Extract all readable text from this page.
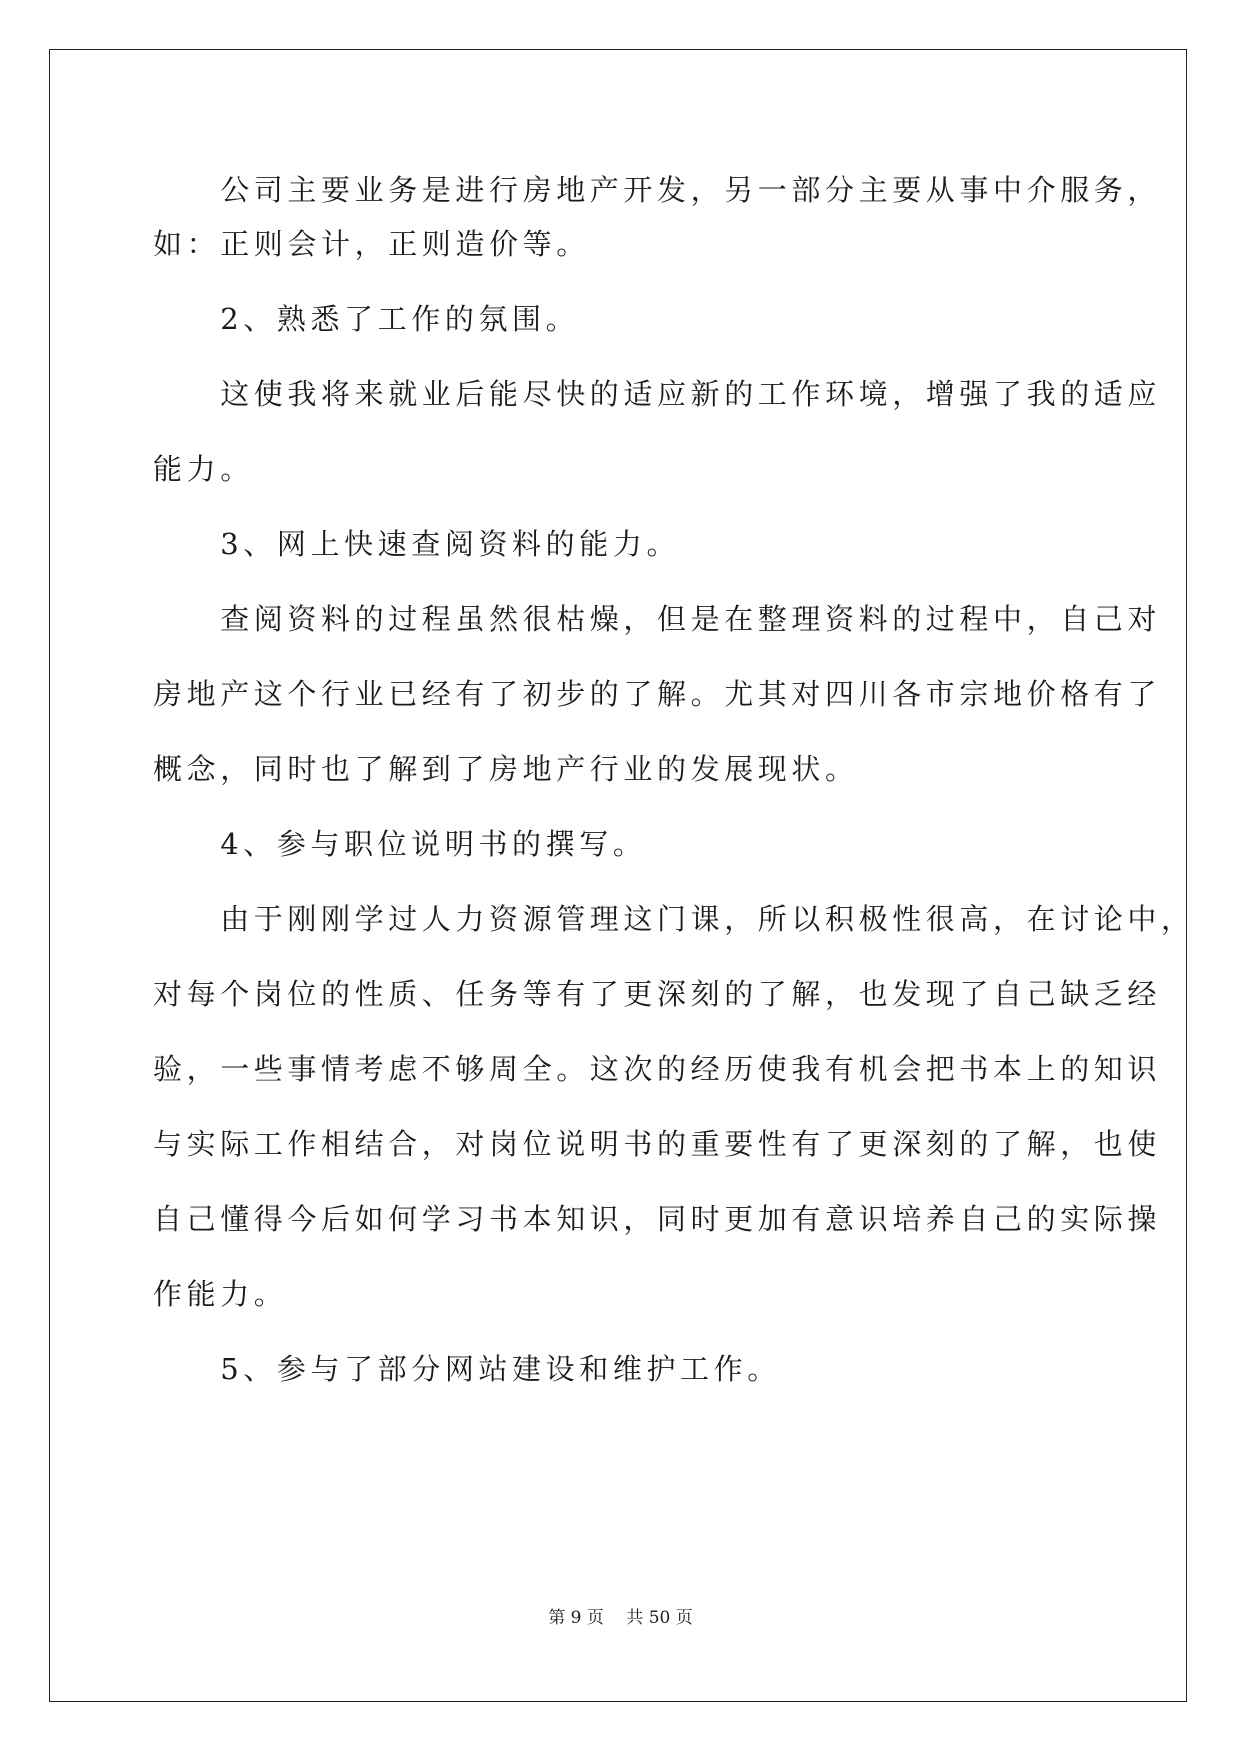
　　公司主要业务是进行房地产开发，另一部分主要从事中介服务，
如：正则会计，正则造价等。
　　2、熟悉了工作的氛围。
　　这使我将来就业后能尽快的适应新的工作环境，增强了我的适应
能力。
　　3、网上快速查阅资料的能力。
　　查阅资料的过程虽然很枯燥，但是在整理资料的过程中，自己对
房地产这个行业已经有了初步的了解。尤其对四川各市宗地价格有了
概念，同时也了解到了房地产行业的发展现状。
　　4、参与职位说明书的撰写。
　　由于刚刚学过人力资源管理这门课，所以积极性很高，在讨论中，
对每个岗位的性质、任务等有了更深刻的了解，也发现了自己缺乏经
验，一些事情考虑不够周全。这次的经历使我有机会把书本上的知识
与实际工作相结合，对岗位说明书的重要性有了更深刻的了解，也使
自己懂得今后如何学习书本知识，同时更加有意识培养自己的实际操
作能力。
　　5、参与了部分网站建设和维护工作。
第 9 页　 共 50 页
